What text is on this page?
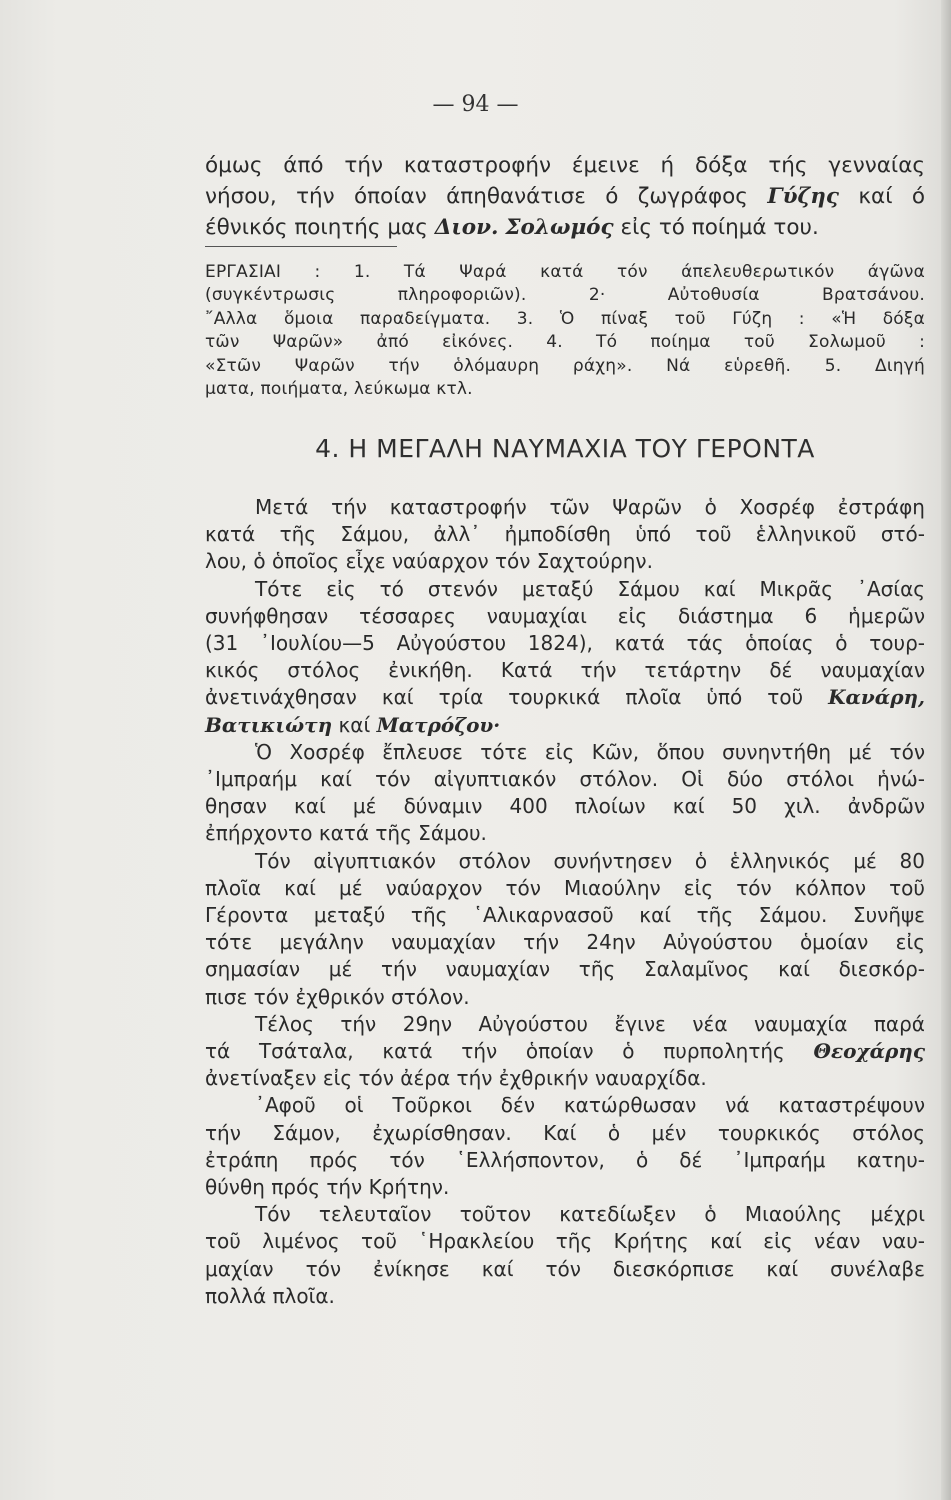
— 94 —
όμως άπό τήν καταστροφήν έμεινε ή δόξα τής γενναίας
νήσου, τήν όποίαν άπηθανάτισε ό ζωγράφος Γύζης καί ό
έθνικός ποιητής μας Διον. Σολωμός εἰς τό ποίημά του.
ΕΡΓΑΣΙΑΙ : 1. Τά Ψαρά κατά τόν άπελευθερωτικόν άγῶνα
(συγκέντρωσις πληροφοριῶν). 2· Αὐτοθυσία Βρατσάνου.
῎Αλλα ὅμοια παραδείγματα. 3. Ὁ πίναξ τοῦ Γύζη : «Ἡ δόξα
τῶν Ψαρῶν» ἀπό εἰκόνες. 4. Τό ποίημα τοῦ Σολωμοῦ :
«Στῶν Ψαρῶν τήν ὁλόμαυρη ράχη». Νά εὑρεθῆ. 5. Διηγή
ματα, ποιήματα, λεύκωμα κτλ.
4. Η ΜΕΓΑΛΗ ΝΑΥΜΑΧΙΑ ΤΟΥ ΓΕΡΟΝΤΑ
Μετά τήν καταστροφήν τῶν Ψαρῶν ὁ Χοσρέφ ἐστράφη
κατά τῆς Σάμου, ἀλλ᾽ ἠμποδίσθη ὑπό τοῦ ἑλληνικοῦ στό-
λου, ὁ ὁποῖος εἶχε ναύαρχον τόν Σαχτούρην.
Τότε εἰς τό στενόν μεταξύ Σάμου καί Μικρᾶς ᾽Ασίας
συνήφθησαν τέσσαρες ναυμαχίαι εἰς διάστημα 6 ἡμερῶν
(31 ᾽Ιουλίου—5 Αὐγούστου 1824), κατά τάς ὁποίας ὁ τουρ-
κικός στόλος ἐνικήθη. Κατά τήν τετάρτην δέ ναυμαχίαν
ἀνετινάχθησαν καί τρία τουρκικά πλοῖα ὑπό τοῦ Κανάρη,
Βατικιώτη καί Ματρόζου·
Ὁ Χοσρέφ ἔπλευσε τότε εἰς Κῶν, ὅπου συνηντήθη μέ τόν
᾽Ιμπραήμ καί τόν αἰγυπτιακόν στόλον. Οἱ δύο στόλοι ἡνώ-
θησαν καί μέ δύναμιν 400 πλοίων καί 50 χιλ. ἀνδρῶν
ἐπήρχοντο κατά τῆς Σάμου.
Τόν αἰγυπτιακόν στόλον συνήντησεν ὁ ἑλληνικός μέ 80
πλοῖα καί μέ ναύαρχον τόν Μιαούλην εἰς τόν κόλπον τοῦ
Γέροντα μεταξύ τῆς ῾Αλικαρνασοῦ καί τῆς Σάμου. Συνῆψε
τότε μεγάλην ναυμαχίαν τήν 24ην Αὐγούστου ὁμοίαν εἰς
σημασίαν μέ τήν ναυμαχίαν τῆς Σαλαμῖνος καί διεσκόρ-
πισε τόν ἐχθρικόν στόλον.
Τέλος τήν 29ην Αὐγούστου ἔγινε νέα ναυμαχία παρά
τά Τσάταλα, κατά τήν ὁποίαν ὁ πυρπολητής Θεοχάρης
ἀνετίναξεν εἰς τόν ἀέρα τήν ἐχθρικήν ναυαρχίδα.
᾽Αφοῦ οἱ Τοῦρκοι δέν κατώρθωσαν νά καταστρέψουν
τήν Σάμον, ἐχωρίσθησαν. Καί ὁ μέν τουρκικός στόλος
ἐτράπη πρός τόν ῾Ελλήσποντον, ὁ δέ ᾽Ιμπραήμ κατηυ-
θύνθη πρός τήν Κρήτην.
Τόν τελευταῖον τοῦτον κατεδίωξεν ὁ Μιαούλης μέχρι
τοῦ λιμένος τοῦ ῾Ηρακλείου τῆς Κρήτης καί εἰς νέαν ναυ-
μαχίαν τόν ἐνίκησε καί τόν διεσκόρπισε καί συνέλαβε
πολλά πλοῖα.
